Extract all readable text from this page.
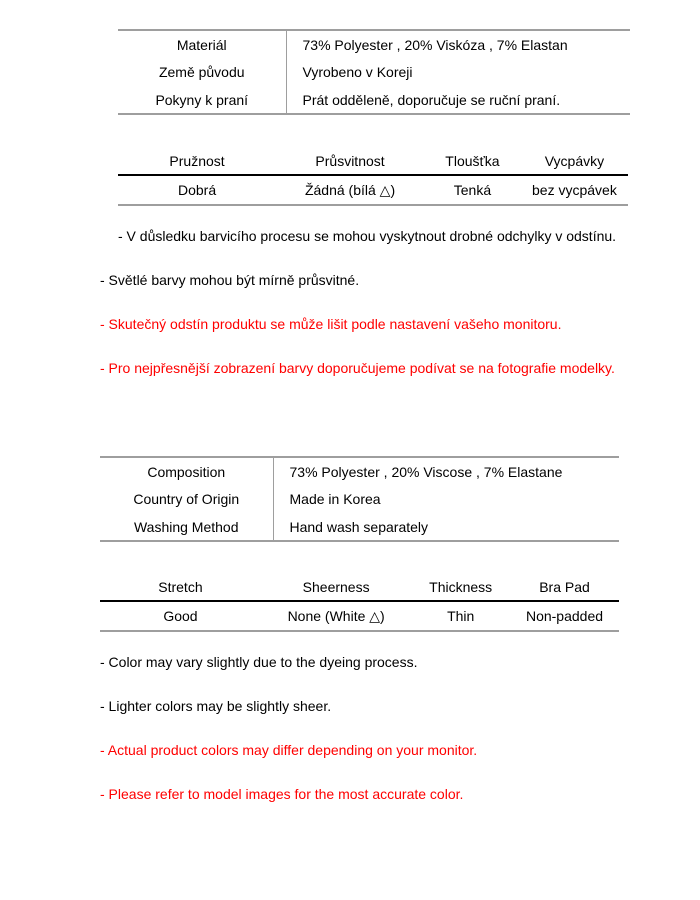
Materiál	73% Polyester , 20% Viskóza , 7% Elastan
Země původu	Vyrobeno v Koreji
Pokyny k praní	Prát odděleně, doporučuje se ruční praní.
Pružnost	Průsvitnost	Tloušťka	Vycpávky
Dobrá	Žádná (bílá △)	Tenká	bez vycpávek

- V důsledku barvicího procesu se mohou vyskytnout drobné odchylky v odstínu.

- Světlé barvy mohou být mírně průsvitné.

- Skutečný odstín produktu se může lišit podle nastavení vašeho monitoru.

- Pro nejpřesnější zobrazení barvy doporučujeme podívat se na fotografie modelky.

Composition	73% Polyester , 20% Viscose , 7% Elastane
Country of Origin	Made in Korea
Washing Method	Hand wash separately
Stretch	Sheerness	Thickness	Bra Pad
Good	None (White △)	Thin	Non-padded

- Color may vary slightly due to the dyeing process.

- Lighter colors may be slightly sheer.

- Actual product colors may differ depending on your monitor.

- Please refer to model images for the most accurate color.
